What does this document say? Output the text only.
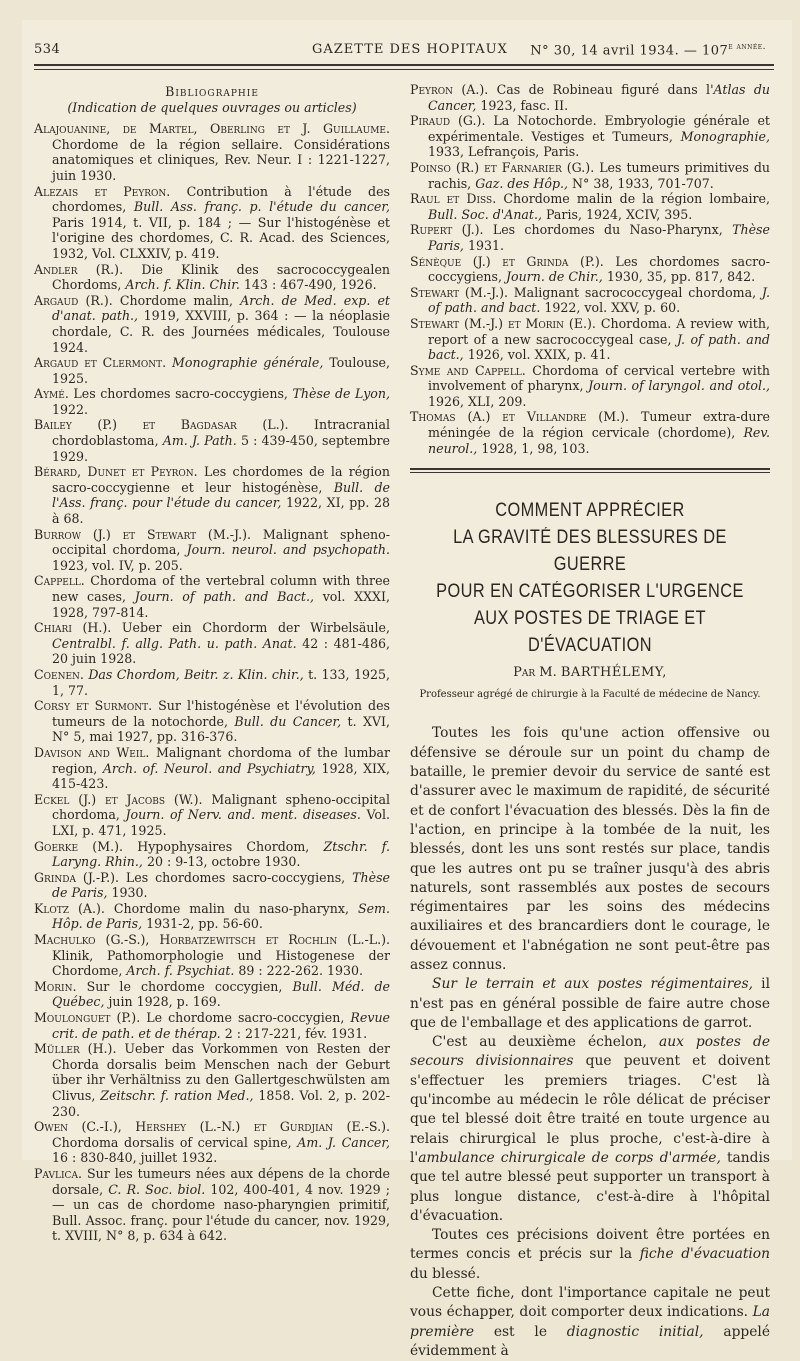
534	GAZETTE DES HOPITAUX N° 30, 14 avril 1934. — $107^{e année.}$
Bibliographie
(Indication de quelques ouvrages ou articles)

Alajouanine, de Martel, Oberling et J. Guillaume. Chordome de la région sellaire. Considérations anatomiques et cliniques, Rev. Neur. I : 1221-1227, juin 1930.

Alezais et Peyron. Contribution à l'étude des chordomes, Bull. Ass. franç. p. l'étude du cancer, Paris 1914, t. VII, p. 184 ; — Sur l'histogénèse et l'origine des chordomes, C. R. Acad. des Sciences, 1932, Vol. CLXXIV, p. 419.

Andler (R.). Die Klinik des sacrococcygealen Chordoms, Arch. f. Klin. Chir. 143 : 467-490, 1926.

Argaud (R.). Chordome malin, Arch. de Med. exp. et d'anat. path., 1919, XXVIII, p. 364 : — la néoplasie chordale, C. R. des Journées médicales, Toulouse 1924.

Argaud et Clermont. Monographie générale, Toulouse, 1925.

Aymé. Les chordomes sacro-coccygiens, Thèse de Lyon, 1922.

Bailey (P.) et Bagdasar (L.). Intracranial chordoblastoma, Am. J. Path. 5 : 439-450, septembre 1929.

Bérard, Dunet et Peyron. Les chordomes de la région sacro-coccygienne et leur histogénèse, Bull. de l'Ass. franç. pour l'étude du cancer, 1922, XI, pp. 28 à 68.

Burrow (J.) et Stewart (M.-J.). Malignant spheno-occipital chordoma, Journ. neurol. and psychopath. 1923, vol. IV, p. 205.

Cappell. Chordoma of the vertebral column with three new cases, Journ. of path. and Bact., vol. XXXI, 1928, 797-814.

Chiari (H.). Ueber ein Chordorm der Wirbelsäule, Centralbl. f. allg. Path. u. path. Anat. 42 : 481-486, 20 juin 1928.

Coenen. Das Chordom, Beitr. z. Klin. chir., t. 133, 1925, 1, 77.

Corsy et Surmont. Sur l'histogénèse et l'évolution des tumeurs de la notochorde, Bull. du Cancer, t. XVI, N° 5, mai 1927, pp. 316-376.

Davison and Weil. Malignant chordoma of the lumbar region, Arch. of. Neurol. and Psychiatry, 1928, XIX, 415-423.

Eckel (J.) et Jacobs (W.). Malignant spheno-occipital chordoma, Journ. of Nerv. and. ment. diseases. Vol. LXI, p. 471, 1925.

Goerke (M.). Hypophysaires Chordom, Ztschr. f. Laryng. Rhin., 20 : 9-13, octobre 1930.

Grinda (J.-P.). Les chordomes sacro-coccygiens, Thèse de Paris, 1930.

Klotz (A.). Chordome malin du naso-pharynx, Sem. Hôp. de Paris, 1931-2, pp. 56-60.

Machulko (G.-S.), Horbatzewitsch et Rochlin (L.-L.). Klinik, Pathomorphologie und Histogenese der Chordome, Arch. f. Psychiat. 89 : 222-262. 1930.

Morin. Sur le chordome coccygien, Bull. Méd. de Québec, juin 1928, p. 169.

Moulonguet (P.). Le chordome sacro-coccygien, Revue crit. de path. et de thérap. 2 : 217-221, fév. 1931.

Müller (H.). Ueber das Vorkommen von Resten der Chorda dorsalis beim Menschen nach der Geburt über ihr Verhältniss zu den Gallertgeschwülsten am Clivus, Zeitschr. f. ration Med., 1858. Vol. 2, p. 202-230.

Owen (C.-I.), Hershey (L.-N.) et Gurdjian (E.-S.). Chordoma dorsalis of cervical spine, Am. J. Cancer, 16 : 830-840, juillet 1932.

Pavlica. Sur les tumeurs nées aux dépens de la chorde dorsale, C. R. Soc. biol. 102, 400-401, 4 nov. 1929 ; — un cas de chordome naso-pharyngien primitif, Bull. Assoc. franç. pour l'étude du cancer, nov. 1929, t. XVIII, N° 8, p. 634 à 642.

Peyron (A.). Cas de Robineau figuré dans l'Atlas du Cancer, 1923, fasc. II.

Piraud (G.). La Notochorde. Embryologie générale et expérimentale. Vestiges et Tumeurs, Monographie, 1933, Lefrançois, Paris.

Poinso (R.) et Farnarier (G.). Les tumeurs primitives du rachis, Gaz. des Hôp., N° 38, 1933, 701-707.

Raul et Diss. Chordome malin de la région lombaire, Bull. Soc. d'Anat., Paris, 1924, XCIV, 395.

Rupert (J.). Les chordomes du Naso-Pharynx, Thèse Paris, 1931.

Sénèque (J.) et Grinda (P.). Les chordomes sacro-coccygiens, Journ. de Chir., 1930, 35, pp. 817, 842.

Stewart (M.-J.). Malignant sacrococcygeal chordoma, J. of path. and bact. 1922, vol. XXV, p. 60.

Stewart (M.-J.) et Morin (E.). Chordoma. A review with, report of a new sacrococcygeal case, J. of path. and bact., 1926, vol. XXIX, p. 41.

Syme and Cappell. Chordoma of cervical vertebre with involvement of pharynx, Journ. of laryngol. and otol., 1926, XLI, 209.

Thomas (A.) et Villandre (M.). Tumeur extra-dure méningée de la région cervicale (chordome), Rev. neurol., 1928, 1, 98, 103.

COMMENT APPRÉCIER
LA GRAVITÉ DES BLESSURES DE GUERRE
POUR EN CATÉGORISER L'URGENCE
AUX POSTES DE TRIAGE ET D'ÉVACUATION
Par M. BARTHÉLEMY,
Professeur agrégé de chirurgie à la Faculté de médecine de Nancy.

Toutes les fois qu'une action offensive ou défensive se déroule sur un point du champ de bataille, le premier devoir du service de santé est d'assurer avec le maximum de rapidité, de sécurité et de confort l'évacuation des blessés. Dès la fin de l'action, en principe à la tombée de la nuit, les blessés, dont les uns sont restés sur place, tandis que les autres ont pu se traîner jusqu'à des abris naturels, sont rassemblés aux postes de secours régimentaires par les soins des médecins auxiliaires et des brancardiers dont le courage, le dévouement et l'abnégation ne sont peut-être pas assez connus.

Sur le terrain et aux postes régimentaires, il n'est pas en général possible de faire autre chose que de l'emballage et des applications de garrot.

C'est au deuxième échelon, aux postes de secours divisionnaires que peuvent et doivent s'effectuer les premiers triages. C'est là qu'incombe au médecin le rôle délicat de préciser que tel blessé doit être traité en toute urgence au relais chirurgical le plus proche, c'est-à-dire à l'ambulance chirurgicale de corps d'armée, tandis que tel autre blessé peut supporter un transport à plus longue distance, c'est-à-dire à l'hôpital d'évacuation.

Toutes ces précisions doivent être portées en termes concis et précis sur la fiche d'évacuation du blessé.

Cette fiche, dont l'importance capitale ne peut vous échapper, doit comporter deux indications. La première est le diagnostic initial, appelé évidemment à
